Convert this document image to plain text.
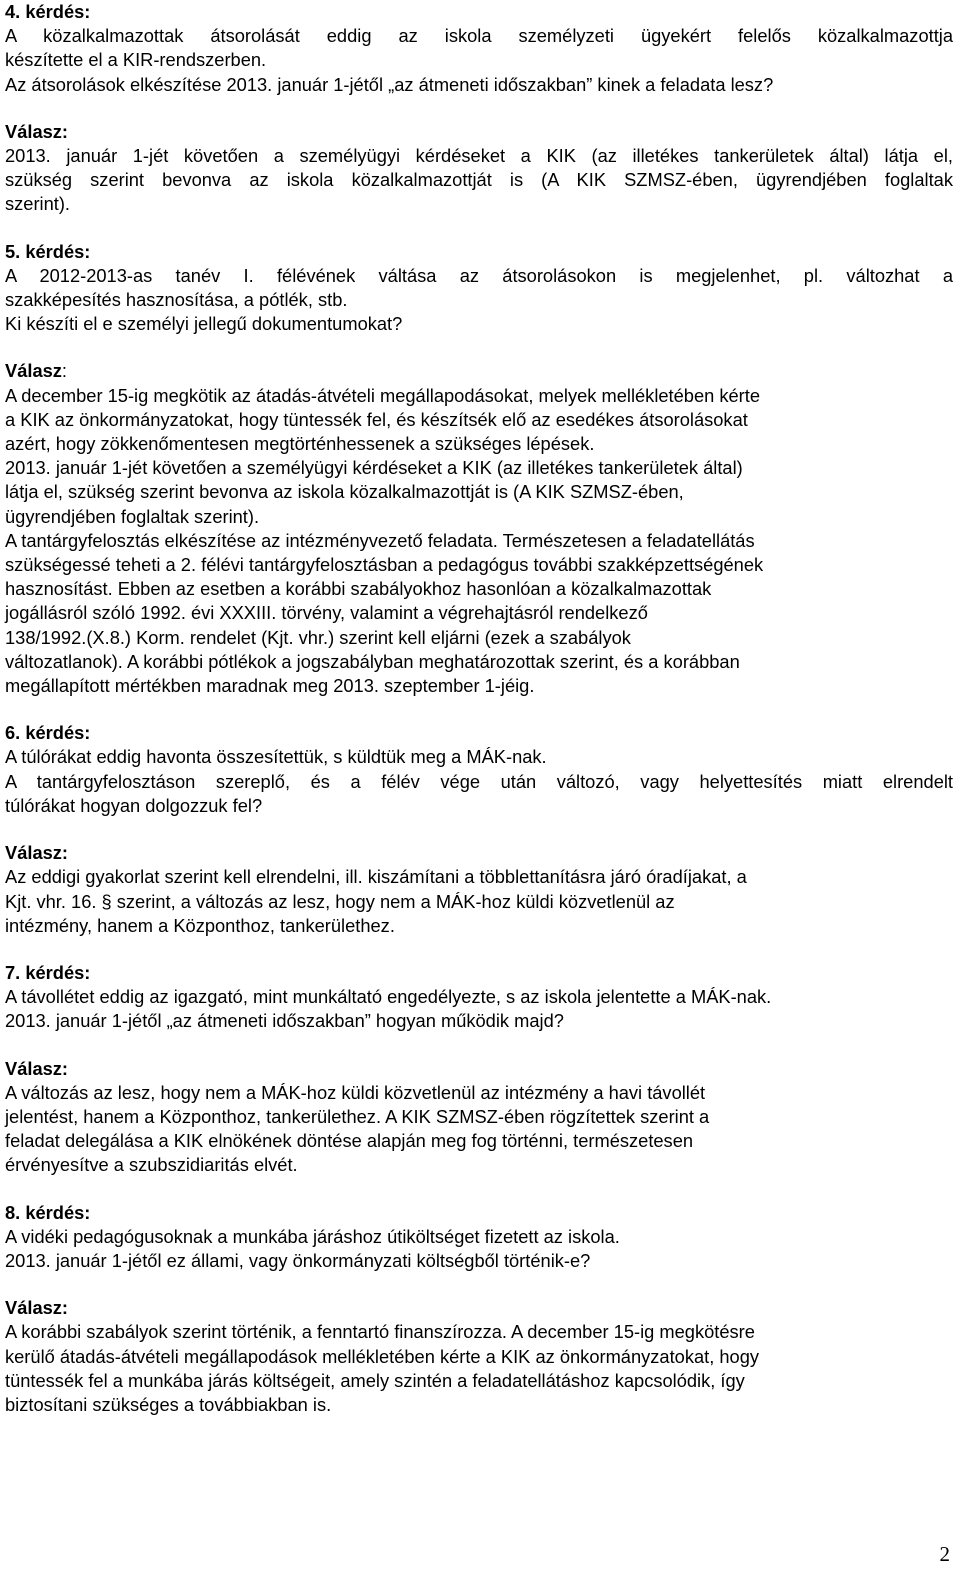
4. kérdés:

A közalkalmazottak átsorolását eddig az iskola személyzeti ügyekért felelős közalkalmazottja
készítette el a KIR-rendszerben.
Az átsorolások elkészítése 2013. január 1-jétől „az átmeneti időszakban” kinek a feladata lesz?

Válasz:

2013. január 1-jét követően a személyügyi kérdéseket a KIK (az illetékes tankerületek által) látja el,
szükség szerint bevonva az iskola közalkalmazottját is (A KIK SZMSZ-ében, ügyrendjében foglaltak
szerint).

5. kérdés:

A 2012-2013-as tanév I. félévének váltása az átsorolásokon is megjelenhet, pl. változhat a
szakképesítés hasznosítása, a pótlék, stb.
Ki készíti el e személyi jellegű dokumentumokat?

Válasz:

A december 15-ig megkötik az átadás-átvételi megállapodásokat, melyek mellékletében kérte
a KIK az önkormányzatokat, hogy tüntessék fel, és készítsék elő az esedékes átsorolásokat
azért, hogy zökkenőmentesen megtörténhessenek a szükséges lépések.
2013. január 1-jét követően a személyügyi kérdéseket a KIK (az illetékes tankerületek által)
látja el, szükség szerint bevonva az iskola közalkalmazottját is (A KIK SZMSZ-ében,
ügyrendjében foglaltak szerint).
A tantárgyfelosztás elkészítése az intézményvezető feladata. Természetesen a feladatellátás
szükségessé teheti a 2. félévi tantárgyfelosztásban a pedagógus további szakképzettségének
hasznosítást. Ebben az esetben a korábbi szabályokhoz hasonlóan a közalkalmazottak
jogállásról szóló 1992. évi XXXIII. törvény, valamint a végrehajtásról rendelkező
138/1992.(X.8.) Korm. rendelet (Kjt. vhr.) szerint kell eljárni (ezek a szabályok
változatlanok). A korábbi pótlékok a jogszabályban meghatározottak szerint, és a korábban
megállapított mértékben maradnak meg 2013. szeptember 1-jéig.

6. kérdés:

A túlórákat eddig havonta összesítettük, s küldtük meg a MÁK-nak.
A tantárgyfelosztáson szereplő, és a félév vége után változó, vagy helyettesítés miatt elrendelt
túlórákat hogyan dolgozzuk fel?

Válasz:

Az eddigi gyakorlat szerint kell elrendelni, ill. kiszámítani a többlettanításra járó óradíjakat, a
Kjt. vhr. 16. § szerint, a változás az lesz, hogy nem a MÁK-hoz küldi közvetlenül az
intézmény, hanem a Központhoz, tankerülethez.

7. kérdés:

A távollétet eddig az igazgató, mint munkáltató engedélyezte, s az iskola jelentette a MÁK-nak.
2013. január 1-jétől „az átmeneti időszakban” hogyan működik majd?

Válasz:

A változás az lesz, hogy nem a MÁK-hoz küldi közvetlenül az intézmény a havi távollét
jelentést, hanem a Központhoz, tankerülethez. A KIK SZMSZ-ében rögzítettek szerint a
feladat delegálása a KIK elnökének döntése alapján meg fog történni, természetesen
érvényesítve a szubszidiaritás elvét.

8. kérdés:

A vidéki pedagógusoknak a munkába járáshoz útiköltséget fizetett az iskola.
2013. január 1-jétől ez állami, vagy önkormányzati költségből történik-e?

Válasz:

A korábbi szabályok szerint történik, a fenntartó finanszírozza. A december 15-ig megkötésre
kerülő átadás-átvételi megállapodások mellékletében kérte a KIK az önkormányzatokat, hogy
tüntessék fel a munkába járás költségeit, amely szintén a feladatellátáshoz kapcsolódik, így
biztosítani szükséges a továbbiakban is.

2
